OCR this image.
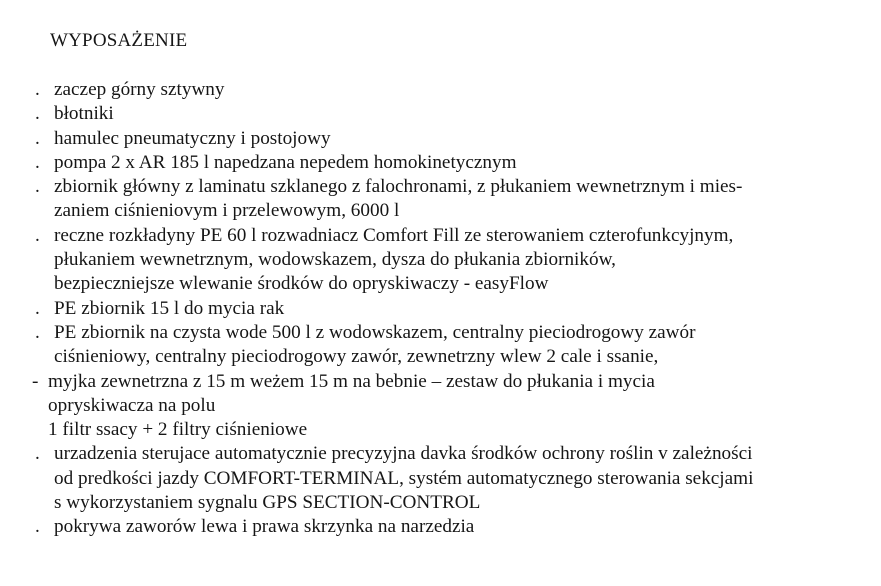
WYPOSAŻENIE
. zaczep górny sztywny
. błotniki
. hamulec pneumatyczny i postojowy
. pompa 2 x AR 185 l napedzana nepedem homokinetycznym
. zbiornik główny z laminatu szklanego z falochronami, z płukaniem wewnetrznym i mies-
zaniem ciśnieniovym i przelewowym, 6000 l
. reczne rozkładyny PE 60 l rozwadniacz Comfort Fill ze sterowaniem czterofunkcyjnym,
płukaniem wewnetrznym, wodowskazem, dysza do płukania zbiorników,
bezpieczniejsze wlewanie środków do opryskiwaczy - easyFlow
. PE zbiornik 15 l do mycia rak
. PE zbiornik na czysta wode 500 l z wodowskazem, centralny pieciodrogowy zawór
ciśnieniowy, centralny pieciodrogowy zawór, zewnetrzny wlew 2 cale i ssanie,
- myjka zewnetrzna z 15 m weżem 15 m na bebnie – zestaw do płukania i mycia
opryskiwacza na polu
1 filtr ssacy + 2 filtry ciśnieniowe
. urzadzenia sterujace automatycznie precyzyjna davka środków ochrony roślin v zależności
od predkości jazdy COMFORT-TERMINAL, systém automatycznego sterowania sekcjami
s wykorzystaniem sygnalu GPS SECTION-CONTROL
. pokrywa zaworów lewa i prawa skrzynka na narzedzia
